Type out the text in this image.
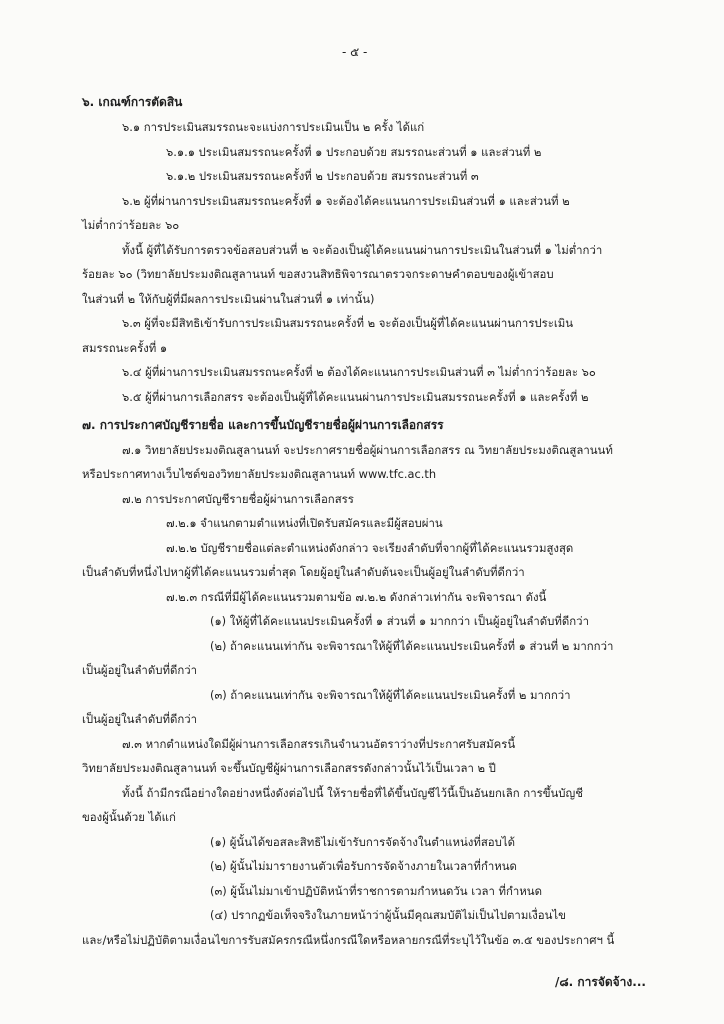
- ๕ -

๖. เกณฑ์การตัดสิน

๖.๑ การประเมินสมรรถนะจะแบ่งการประเมินเป็น ๒ ครั้ง ได้แก่

๖.๑.๑ ประเมินสมรรถนะครั้งที่ ๑ ประกอบด้วย สมรรถนะส่วนที่ ๑ และส่วนที่ ๒

๖.๑.๒ ประเมินสมรรถนะครั้งที่ ๒ ประกอบด้วย สมรรถนะส่วนที่ ๓

๖.๒ ผู้ที่ผ่านการประเมินสมรรถนะครั้งที่ ๑ จะต้องได้คะแนนการประเมินส่วนที่ ๑ และส่วนที่ ๒

ไม่ต่ำกว่าร้อยละ ๖๐

ทั้งนี้ ผู้ที่ได้รับการตรวจข้อสอบส่วนที่ ๒ จะต้องเป็นผู้ได้คะแนนผ่านการประเมินในส่วนที่ ๑ ไม่ต่ำกว่า

ร้อยละ ๖๐ (วิทยาลัยประมงติณสูลานนท์ ขอสงวนสิทธิพิจารณาตรวจกระดาษคำตอบของผู้เข้าสอบ

ในส่วนที่ ๒ ให้กับผู้ที่มีผลการประเมินผ่านในส่วนที่ ๑ เท่านั้น)

๖.๓ ผู้ที่จะมีสิทธิเข้ารับการประเมินสมรรถนะครั้งที่ ๒ จะต้องเป็นผู้ที่ได้คะแนนผ่านการประเมิน

สมรรถนะครั้งที่ ๑

๖.๔ ผู้ที่ผ่านการประเมินสมรรถนะครั้งที่ ๒ ต้องได้คะแนนการประเมินส่วนที่ ๓ ไม่ต่ำกว่าร้อยละ ๖๐

๖.๕ ผู้ที่ผ่านการเลือกสรร จะต้องเป็นผู้ที่ได้คะแนนผ่านการประเมินสมรรถนะครั้งที่ ๑ และครั้งที่ ๒

๗. การประกาศบัญชีรายชื่อ และการขึ้นบัญชีรายชื่อผู้ผ่านการเลือกสรร

๗.๑ วิทยาลัยประมงติณสูลานนท์ จะประกาศรายชื่อผู้ผ่านการเลือกสรร ณ วิทยาลัยประมงติณสูลานนท์

หรือประกาศทางเว็บไซต์ของวิทยาลัยประมงติณสูลานนท์ www.tfc.ac.th

๗.๒ การประกาศบัญชีรายชื่อผู้ผ่านการเลือกสรร

๗.๒.๑ จำแนกตามตำแหน่งที่เปิดรับสมัครและมีผู้สอบผ่าน

๗.๒.๒ บัญชีรายชื่อแต่ละตำแหน่งดังกล่าว จะเรียงลำดับที่จากผู้ที่ได้คะแนนรวมสูงสุด

เป็นลำดับที่หนึ่งไปหาผู้ที่ได้คะแนนรวมต่ำสุด โดยผู้อยู่ในลำดับต้นจะเป็นผู้อยู่ในลำดับที่ดีกว่า

๗.๒.๓ กรณีที่มีผู้ได้คะแนนรวมตามข้อ ๗.๒.๒ ดังกล่าวเท่ากัน จะพิจารณา ดังนี้

(๑) ให้ผู้ที่ได้คะแนนประเมินครั้งที่ ๑ ส่วนที่ ๑ มากกว่า เป็นผู้อยู่ในลำดับที่ดีกว่า

(๒) ถ้าคะแนนเท่ากัน จะพิจารณาให้ผู้ที่ได้คะแนนประเมินครั้งที่ ๑ ส่วนที่ ๒ มากกว่า

เป็นผู้อยู่ในลำดับที่ดีกว่า

(๓) ถ้าคะแนนเท่ากัน จะพิจารณาให้ผู้ที่ได้คะแนนประเมินครั้งที่ ๒ มากกว่า

เป็นผู้อยู่ในลำดับที่ดีกว่า

๗.๓ หากตำแหน่งใดมีผู้ผ่านการเลือกสรรเกินจำนวนอัตราว่างที่ประกาศรับสมัครนี้

วิทยาลัยประมงติณสูลานนท์ จะขึ้นบัญชีผู้ผ่านการเลือกสรรดังกล่าวนั้นไว้เป็นเวลา ๒ ปี

ทั้งนี้ ถ้ามีกรณีอย่างใดอย่างหนึ่งดังต่อไปนี้ ให้รายชื่อที่ได้ขึ้นบัญชีไว้นี้เป็นอันยกเลิก การขึ้นบัญชี

ของผู้นั้นด้วย ได้แก่

(๑) ผู้นั้นได้ขอสละสิทธิไม่เข้ารับการจัดจ้างในตำแหน่งที่สอบได้

(๒) ผู้นั้นไม่มารายงานตัวเพื่อรับการจัดจ้างภายในเวลาที่กำหนด

(๓) ผู้นั้นไม่มาเข้าปฏิบัติหน้าที่ราชการตามกำหนดวัน เวลา ที่กำหนด

(๔) ปรากฏข้อเท็จจริงในภายหน้าว่าผู้นั้นมีคุณสมบัติไม่เป็นไปตามเงื่อนไข

และ/หรือไม่ปฏิบัติตามเงื่อนไขการรับสมัครกรณีหนึ่งกรณีใดหรือหลายกรณีที่ระบุไว้ในข้อ ๓.๕ ของประกาศฯ นี้

/๘. การจัดจ้าง...
